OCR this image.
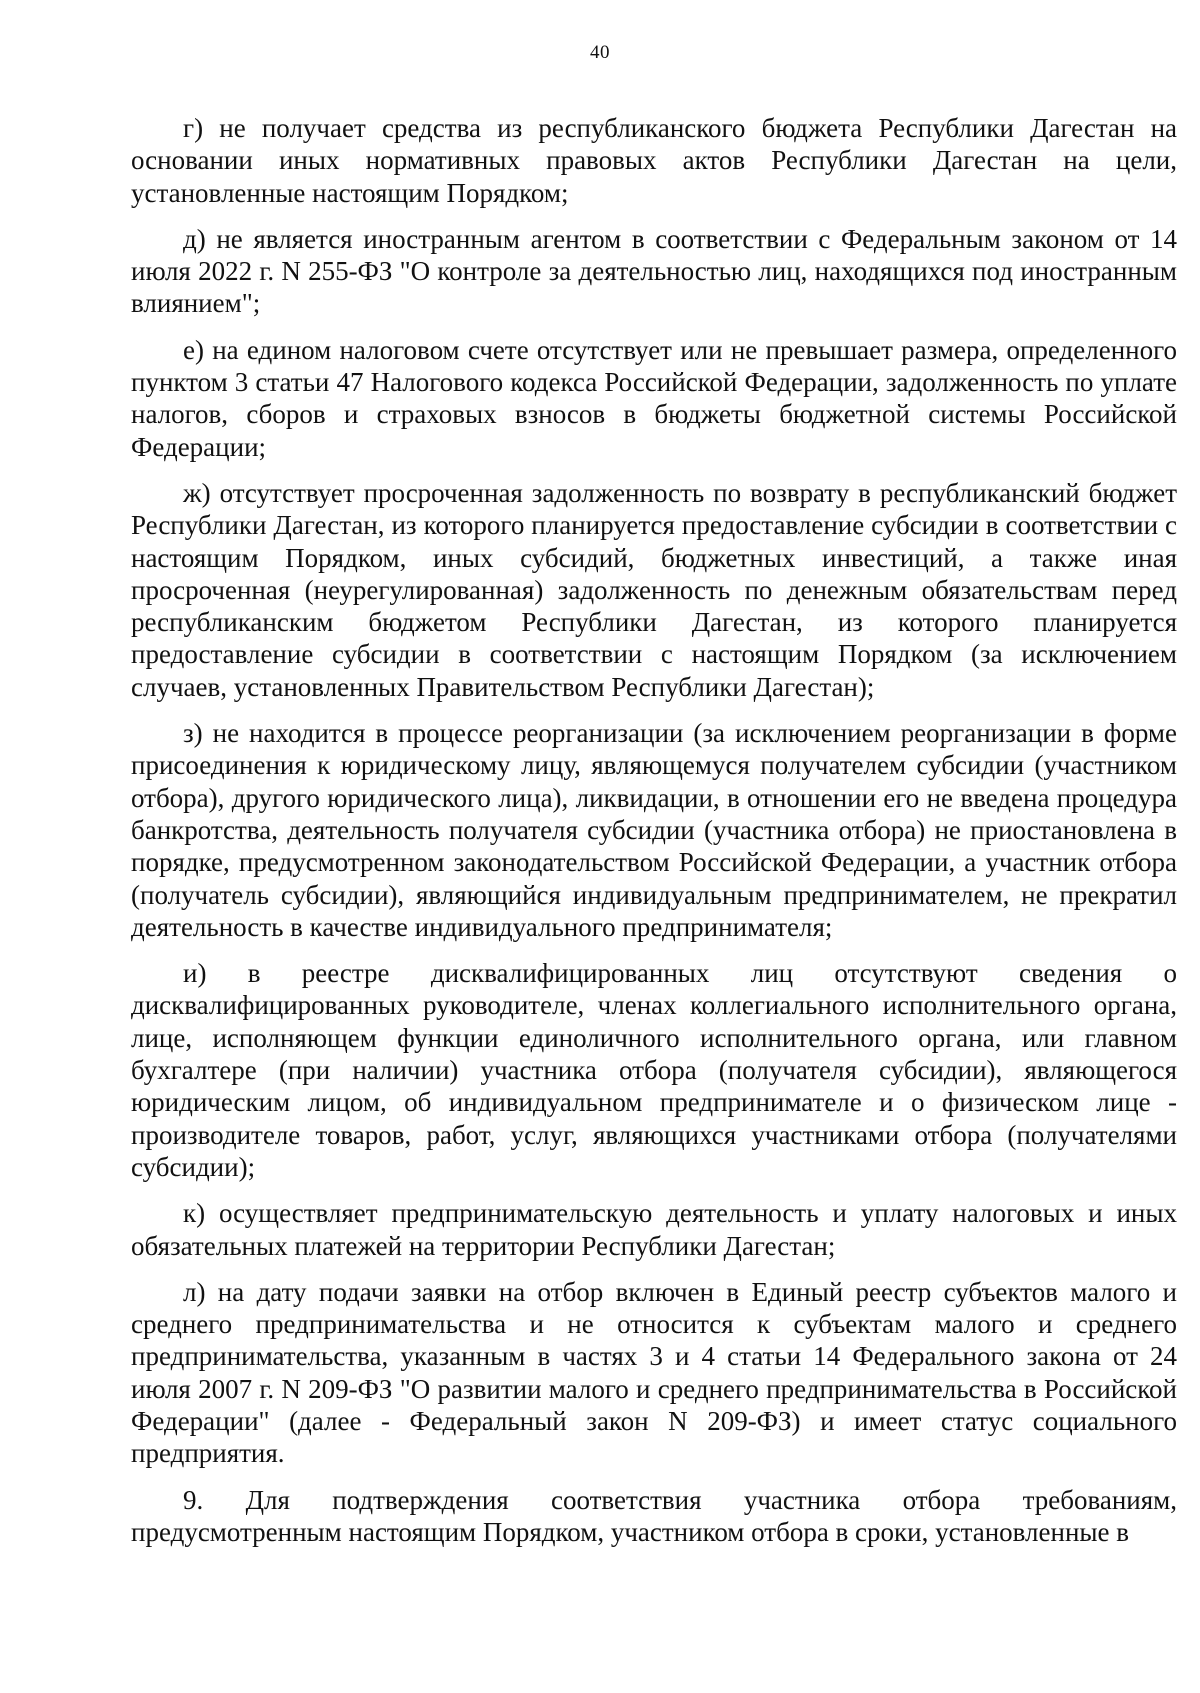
40

г) не получает средства из республиканского бюджета Республики Дагестан на основании иных нормативных правовых актов Республики Дагестан на цели, установленные настоящим Порядком;

д) не является иностранным агентом в соответствии с Федеральным законом от 14 июля 2022 г. N 255-ФЗ "О контроле за деятельностью лиц, находящихся под иностранным влиянием";

е) на едином налоговом счете отсутствует или не превышает размера, определенного пунктом 3 статьи 47 Налогового кодекса Российской Федерации, задолженность по уплате налогов, сборов и страховых взносов в бюджеты бюджетной системы Российской Федерации;

ж) отсутствует просроченная задолженность по возврату в республиканский бюджет Республики Дагестан, из которого планируется предоставление субсидии в соответствии с настоящим Порядком, иных субсидий, бюджетных инвестиций, а также иная просроченная (неурегулированная) задолженность по денежным обязательствам перед республиканским бюджетом Республики Дагестан, из которого планируется предоставление субсидии в соответствии с настоящим Порядком (за исключением случаев, установленных Правительством Республики Дагестан);

з) не находится в процессе реорганизации (за исключением реорганизации в форме присоединения к юридическому лицу, являющемуся получателем субсидии (участником отбора), другого юридического лица), ликвидации, в отношении его не введена процедура банкротства, деятельность получателя субсидии (участника отбора) не приостановлена в порядке, предусмотренном законодательством Российской Федерации, а участник отбора (получатель субсидии), являющийся индивидуальным предпринимателем, не прекратил деятельность в качестве индивидуального предпринимателя;

и) в реестре дисквалифицированных лиц отсутствуют сведения о дисквалифицированных руководителе, членах коллегиального исполнительного органа, лице, исполняющем функции единоличного исполнительного органа, или главном бухгалтере (при наличии) участника отбора (получателя субсидии), являющегося юридическим лицом, об индивидуальном предпринимателе и о физическом лице - производителе товаров, работ, услуг, являющихся участниками отбора (получателями субсидии);

к) осуществляет предпринимательскую деятельность и уплату налоговых и иных обязательных платежей на территории Республики Дагестан;

л) на дату подачи заявки на отбор включен в Единый реестр субъектов малого и среднего предпринимательства и не относится к субъектам малого и среднего предпринимательства, указанным в частях 3 и 4 статьи 14 Федерального закона от 24 июля 2007 г. N 209-ФЗ "О развитии малого и среднего предпринимательства в Российской Федерации" (далее - Федеральный закон N 209-ФЗ) и имеет статус социального предприятия.

9. Для подтверждения соответствия участника отбора требованиям, предусмотренным настоящим Порядком, участником отбора в сроки, установленные в
